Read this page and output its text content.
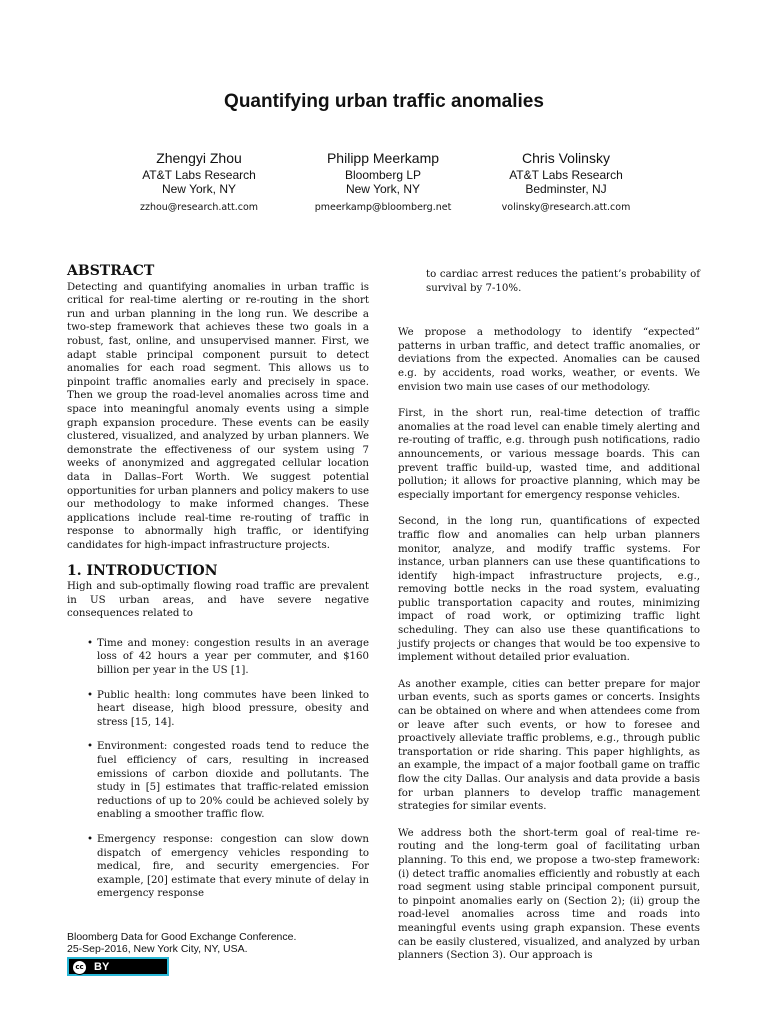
Quantifying urban traffic anomalies
Zhengyi Zhou
AT&T Labs Research
New York, NY
zzhou@research.att.com
Philipp Meerkamp
Bloomberg LP
New York, NY
pmeerkamp@bloomberg.net
Chris Volinsky
AT&T Labs Research
Bedminster, NJ
volinsky@research.att.com
ABSTRACT

Detecting and quantifying anomalies in urban traffic is critical for real-time alerting or re-routing in the short run and urban planning in the long run. We describe a two-step framework that achieves these two goals in a robust, fast, online, and unsupervised manner. First, we adapt stable principal component pursuit to detect anomalies for each road segment. This allows us to pinpoint traffic anomalies early and precisely in space. Then we group the road-level anomalies across time and space into meaningful anomaly events using a simple graph expansion procedure. These events can be easily clustered, visualized, and analyzed by urban planners. We demonstrate the effectiveness of our system using 7 weeks of anonymized and aggregated cellular location data in Dallas–Fort Worth. We suggest potential opportunities for urban planners and policy makers to use our methodology to make informed changes. These applications include real-time re-routing of traffic in response to abnormally high traffic, or identifying candidates for high-impact infrastructure projects.

1. INTRODUCTION

High and sub-optimally flowing road traffic are prevalent in US urban areas, and have severe negative consequences related to

• Time and money: congestion results in an average loss of 42 hours a year per commuter, and $160 billion per year in the US [1].
• Public health: long commutes have been linked to heart disease, high blood pressure, obesity and stress [15, 14].
• Environment: congested roads tend to reduce the fuel efficiency of cars, resulting in increased emissions of carbon dioxide and pollutants. The study in [5] estimates that traffic-related emission reductions of up to 20% could be achieved solely by enabling a smoother traffic flow.
• Emergency response: congestion can slow down dispatch of emergency vehicles responding to medical, fire, and security emergencies. For example, [20] estimate that every minute of delay in emergency response

to cardiac arrest reduces the patient’s probability of survival by 7-10%.

We propose a methodology to identify “expected” patterns in urban traffic, and detect traffic anomalies, or deviations from the expected. Anomalies can be caused e.g. by accidents, road works, weather, or events. We envision two main use cases of our methodology.

First, in the short run, real-time detection of traffic anomalies at the road level can enable timely alerting and re-routing of traffic, e.g. through push notifications, radio announcements, or various message boards. This can prevent traffic build-up, wasted time, and additional pollution; it allows for proactive planning, which may be especially important for emergency response vehicles.

Second, in the long run, quantifications of expected traffic flow and anomalies can help urban planners monitor, analyze, and modify traffic systems. For instance, urban planners can use these quantifications to identify high-impact infrastructure projects, e.g., removing bottle necks in the road system, evaluating public transportation capacity and routes, minimizing impact of road work, or optimizing traffic light scheduling. They can also use these quantifications to justify projects or changes that would be too expensive to implement without detailed prior evaluation.

As another example, cities can better prepare for major urban events, such as sports games or concerts. Insights can be obtained on where and when attendees come from or leave after such events, or how to foresee and proactively alleviate traffic problems, e.g., through public transportation or ride sharing. This paper highlights, as an example, the impact of a major football game on traffic flow the city Dallas. Our analysis and data provide a basis for urban planners to develop traffic management strategies for similar events.

We address both the short-term goal of real-time re-routing and the long-term goal of facilitating urban planning. To this end, we propose a two-step framework: (i) detect traffic anomalies efficiently and robustly at each road segment using stable principal component pursuit, to pinpoint anomalies early on (Section 2); (ii) group the road-level anomalies across time and roads into meaningful events using graph expansion. These events can be easily clustered, visualized, and analyzed by urban planners (Section 3). Our approach is

Bloomberg Data for Good Exchange Conference.
25-Sep-2016, New York City, NY, USA.
cc BY
